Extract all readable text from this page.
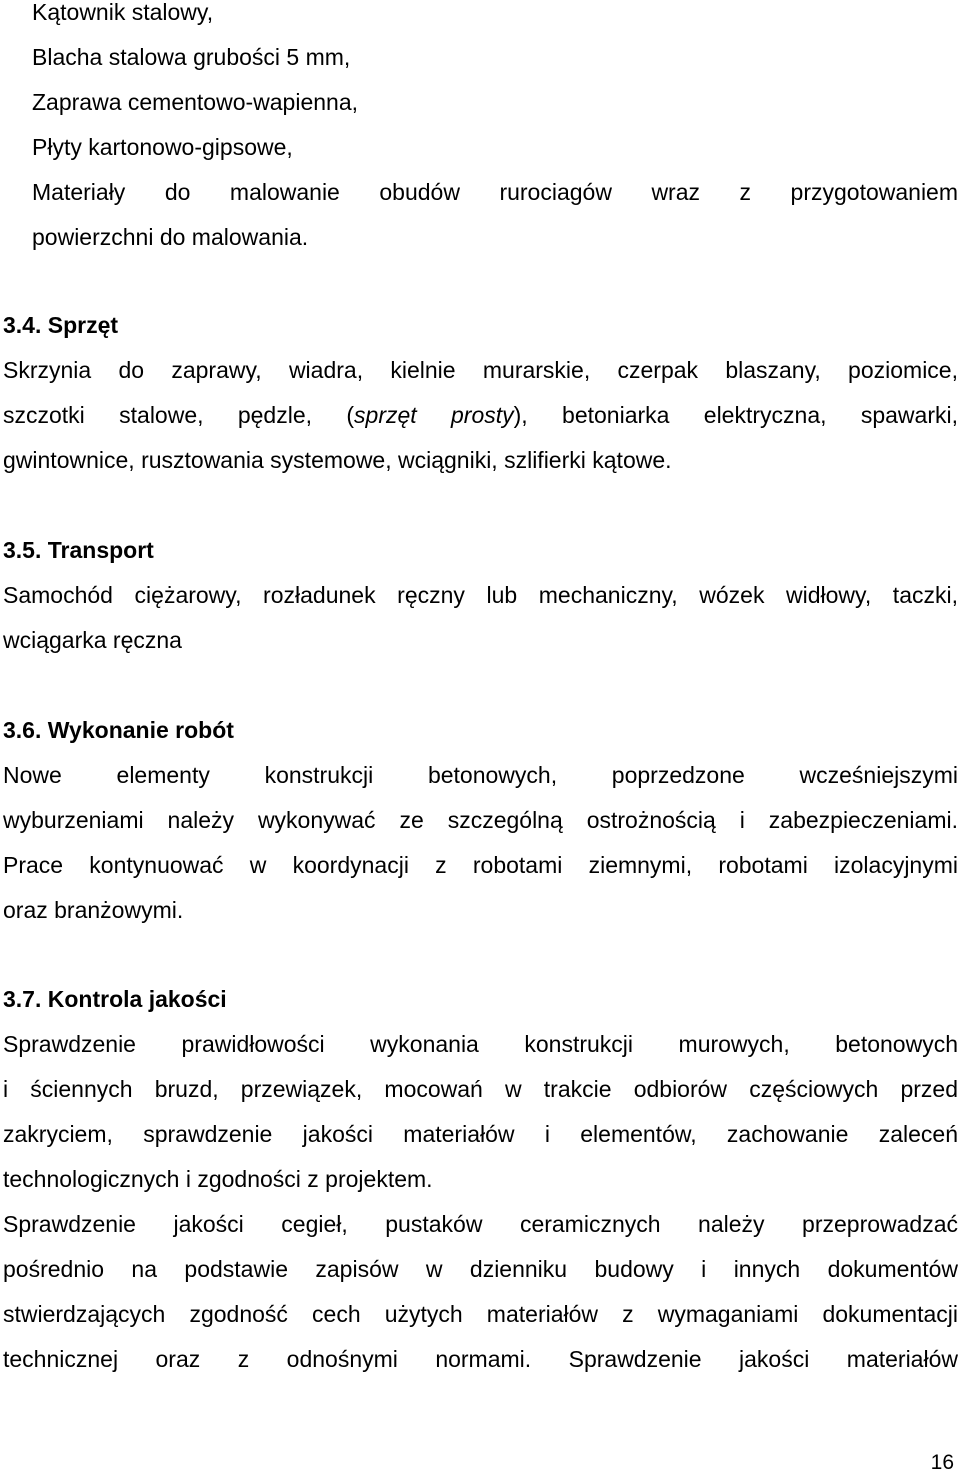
Kątownik stalowy,
Blacha stalowa grubości 5 mm,
Zaprawa cementowo-wapienna,
Płyty kartonowo-gipsowe,
Materiały do malowanie obudów rurociagów wraz z przygotowaniem
powierzchni do malowania.
3.4. Sprzęt
Skrzynia do zaprawy, wiadra, kielnie murarskie, czerpak blaszany, poziomice,
szczotki stalowe, pędzle, (sprzęt prosty), betoniarka elektryczna, spawarki,
gwintownice, rusztowania systemowe, wciągniki, szlifierki kątowe.
3.5. Transport
Samochód ciężarowy, rozładunek ręczny lub mechaniczny, wózek widłowy, taczki,
wciągarka ręczna
3.6. Wykonanie robót
Nowe elementy konstrukcji betonowych, poprzedzone wcześniejszymi
wyburzeniami należy wykonywać ze szczególną ostrożnością i zabezpieczeniami.
Prace kontynuować w koordynacji z robotami ziemnymi, robotami izolacyjnymi
oraz branżowymi.
3.7. Kontrola jakości
Sprawdzenie prawidłowości wykonania konstrukcji murowych, betonowych
i ściennych bruzd, przewiązek, mocowań w trakcie odbiorów częściowych przed
zakryciem, sprawdzenie jakości materiałów i elementów, zachowanie zaleceń
technologicznych i zgodności z projektem.
Sprawdzenie jakości cegieł, pustaków ceramicznych należy przeprowadzać
pośrednio na podstawie zapisów w dzienniku budowy i innych dokumentów
stwierdzających zgodność cech użytych materiałów z wymaganiami dokumentacji
technicznej oraz z odnośnymi normami. Sprawdzenie jakości materiałów
16
